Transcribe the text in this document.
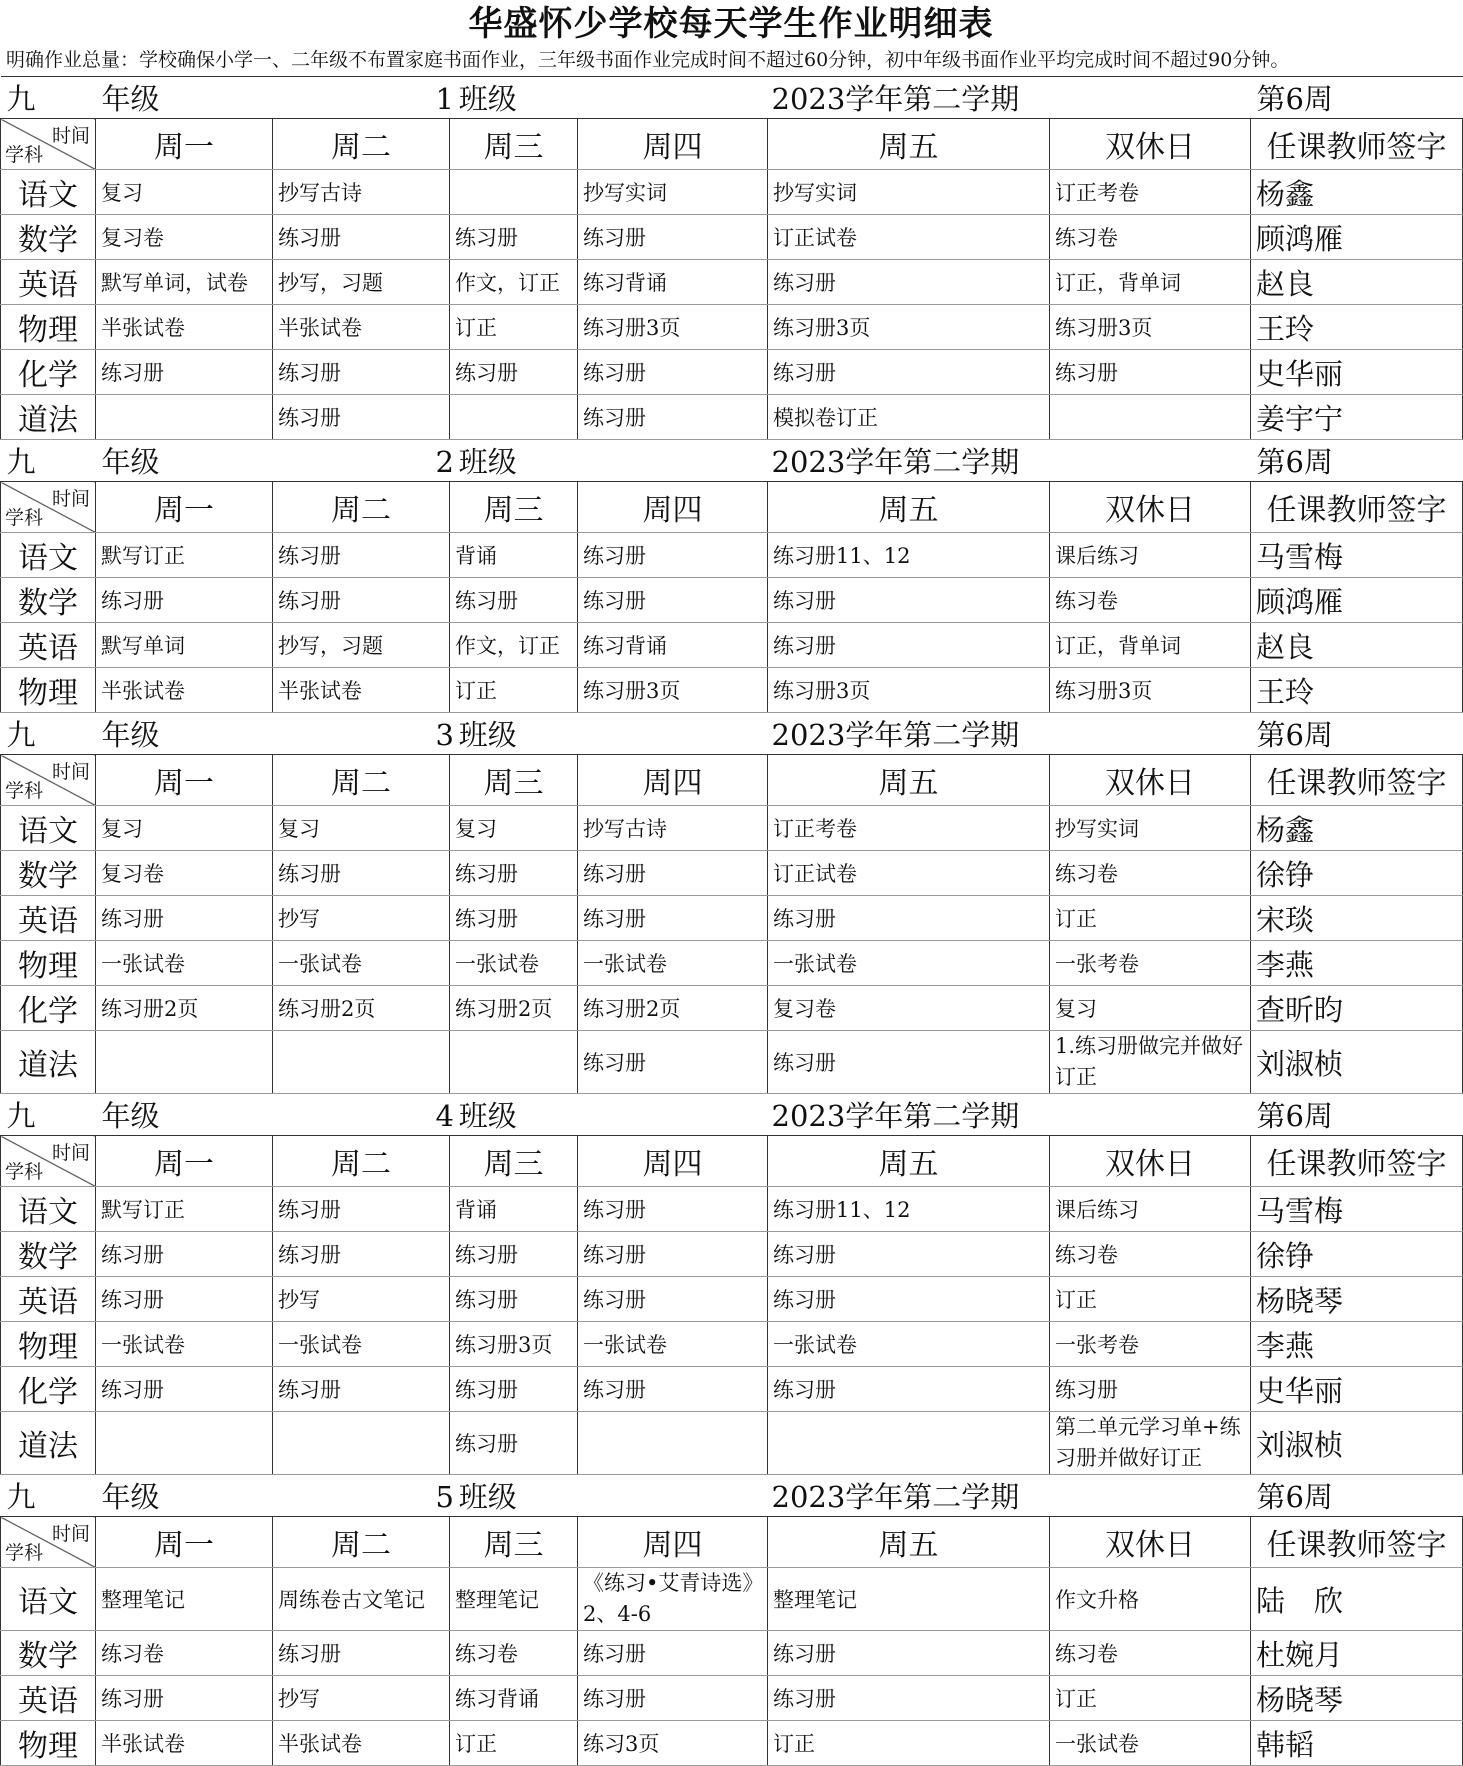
华盛怀少学校每天学生作业明细表
明确作业总量：学校确保小学一、二年级不布置家庭书面作业，三年级书面作业完成时间不超过60分钟，初中年级书面作业平均完成时间不超过90分钟。
九	年级		1 班级		2023学年第二学期		第6周

时间
学科	周一	周二	周三	周四	周五	双休日	任课教师签字
语文	复习	抄写古诗		抄写实词	抄写实词	订正考卷	杨鑫
数学	复习卷	练习册	练习册	练习册	订正试卷	练习卷	顾鸿雁
英语	默写单词，试卷	抄写，习题	作文，订正	练习背诵	练习册	订正，背单词	赵良
物理	半张试卷	半张试卷	订正	练习册3页	练习册3页	练习册3页	王玲
化学	练习册	练习册	练习册	练习册	练习册	练习册	史华丽
道法		练习册		练习册	模拟卷订正		姜宇宁
九	年级		2 班级		2023学年第二学期		第6周

时间
学科	周一	周二	周三	周四	周五	双休日	任课教师签字
语文	默写订正	练习册	背诵	练习册	练习册11、12	课后练习	马雪梅
数学	练习册	练习册	练习册	练习册	练习册	练习卷	顾鸿雁
英语	默写单词	抄写，习题	作文，订正	练习背诵	练习册	订正，背单词	赵良
物理	半张试卷	半张试卷	订正	练习册3页	练习册3页	练习册3页	王玲
九	年级		3 班级		2023学年第二学期		第6周

时间
学科	周一	周二	周三	周四	周五	双休日	任课教师签字
语文	复习	复习	复习	抄写古诗	订正考卷	抄写实词	杨鑫
数学	复习卷	练习册	练习册	练习册	订正试卷	练习卷	徐铮
英语	练习册	抄写	练习册	练习册	练习册	订正	宋琰
物理	一张试卷	一张试卷	一张试卷	一张试卷	一张试卷	一张考卷	李燕
化学	练习册2页	练习册2页	练习册2页	练习册2页	复习卷	复习	查昕昀
道法				练习册	练习册	1.练习册做完并做好订正	刘淑桢
九	年级		4 班级		2023学年第二学期		第6周

时间
学科	周一	周二	周三	周四	周五	双休日	任课教师签字
语文	默写订正	练习册	背诵	练习册	练习册11、12	课后练习	马雪梅
数学	练习册	练习册	练习册	练习册	练习册	练习卷	徐铮
英语	练习册	抄写	练习册	练习册	练习册	订正	杨晓琴
物理	一张试卷	一张试卷	练习册3页	一张试卷	一张试卷	一张考卷	李燕
化学	练习册	练习册	练习册	练习册	练习册	练习册	史华丽
道法			练习册			第二单元学习单+练习册并做好订正	刘淑桢
九	年级		5 班级		2023学年第二学期		第6周

时间
学科	周一	周二	周三	周四	周五	双休日	任课教师签字
语文	整理笔记	周练卷古文笔记	整理笔记	《练习•艾青诗选》2、4-6	整理笔记	作文升格	陆　欣
数学	练习卷	练习册	练习卷	练习册	练习册	练习卷	杜婉月
英语	练习册	抄写	练习背诵	练习册	练习册	订正	杨晓琴
物理	半张试卷	半张试卷	订正	练习3页	订正	一张试卷	韩韬
